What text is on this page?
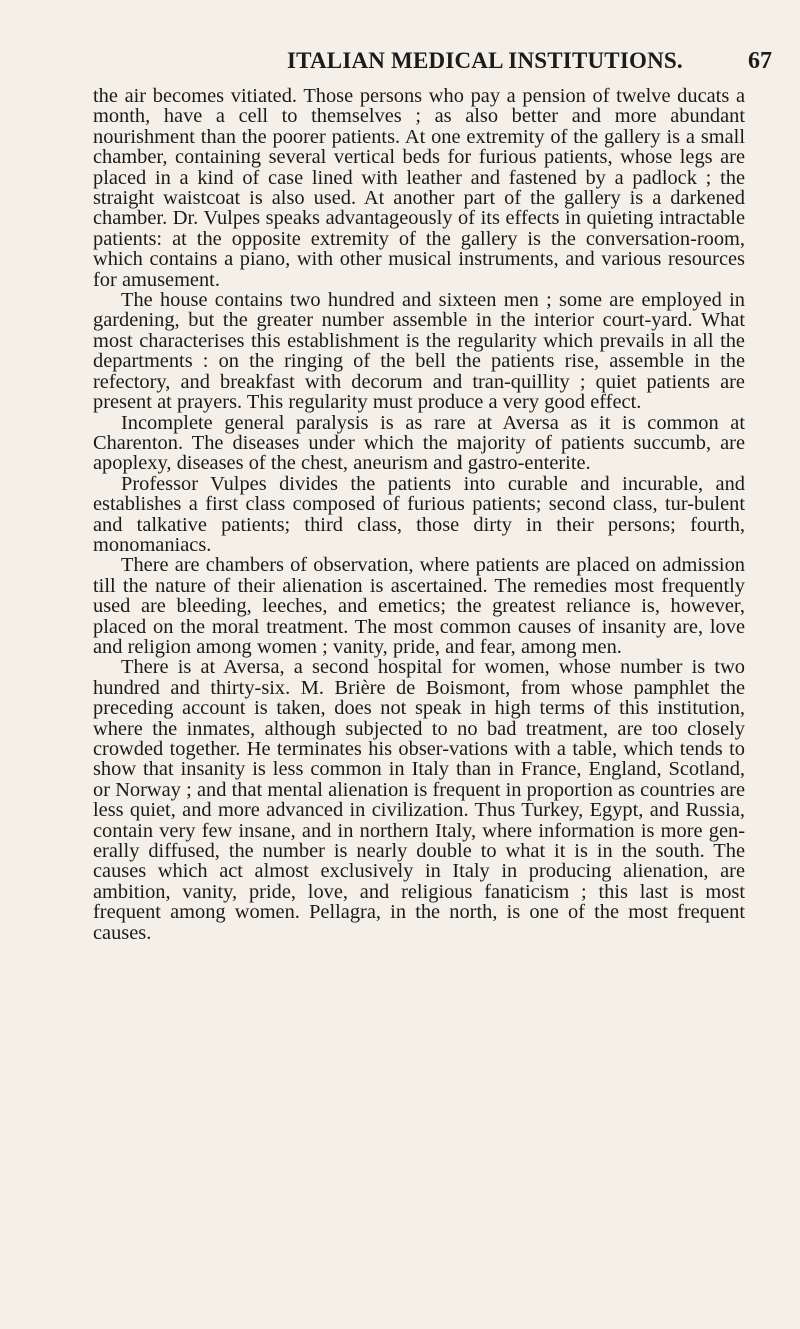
ITALIAN MEDICAL INSTITUTIONS.	67

the air becomes vitiated. Those persons who pay a pension of twelve ducats a month, have a cell to themselves ; as also better and more abundant nourishment than the poorer patients. At one extremity of the gallery is a small chamber, containing several vertical beds for furious patients, whose legs are placed in a kind of case lined with leather and fastened by a padlock ; the straight waistcoat is also used. At another part of the gallery is a darkened chamber. Dr. Vulpes speaks advantageously of its effects in quieting intractable patients: at the opposite extremity of the gallery is the conversation-room, which contains a piano, with other musical instruments, and various resources for amusement.

The house contains two hundred and sixteen men ; some are employed in gardening, but the greater number assemble in the interior court-yard. What most characterises this establishment is the regularity which prevails in all the departments : on the ringing of the bell the patients rise, assemble in the refectory, and breakfast with decorum and tran-quillity ; quiet patients are present at prayers. This regularity must produce a very good effect.

Incomplete general paralysis is as rare at Aversa as it is common at Charenton. The diseases under which the majority of patients succumb, are apoplexy, diseases of the chest, aneurism and gastro-enterite.

Professor Vulpes divides the patients into curable and incurable, and establishes a first class composed of furious patients; second class, tur-bulent and talkative patients; third class, those dirty in their persons; fourth, monomaniacs.

There are chambers of observation, where patients are placed on admission till the nature of their alienation is ascertained. The remedies most frequently used are bleeding, leeches, and emetics; the greatest reliance is, however, placed on the moral treatment. The most common causes of insanity are, love and religion among women ; vanity, pride, and fear, among men.

There is at Aversa, a second hospital for women, whose number is two hundred and thirty-six. M. Brière de Boismont, from whose pamphlet the preceding account is taken, does not speak in high terms of this institution, where the inmates, although subjected to no bad treatment, are too closely crowded together. He terminates his obser-vations with a table, which tends to show that insanity is less common in Italy than in France, England, Scotland, or Norway ; and that mental alienation is frequent in proportion as countries are less quiet, and more advanced in civilization. Thus Turkey, Egypt, and Russia, contain very few insane, and in northern Italy, where information is more gen-erally diffused, the number is nearly double to what it is in the south. The causes which act almost exclusively in Italy in producing alienation, are ambition, vanity, pride, love, and religious fanaticism ; this last is most frequent among women. Pellagra, in the north, is one of the most frequent causes.
